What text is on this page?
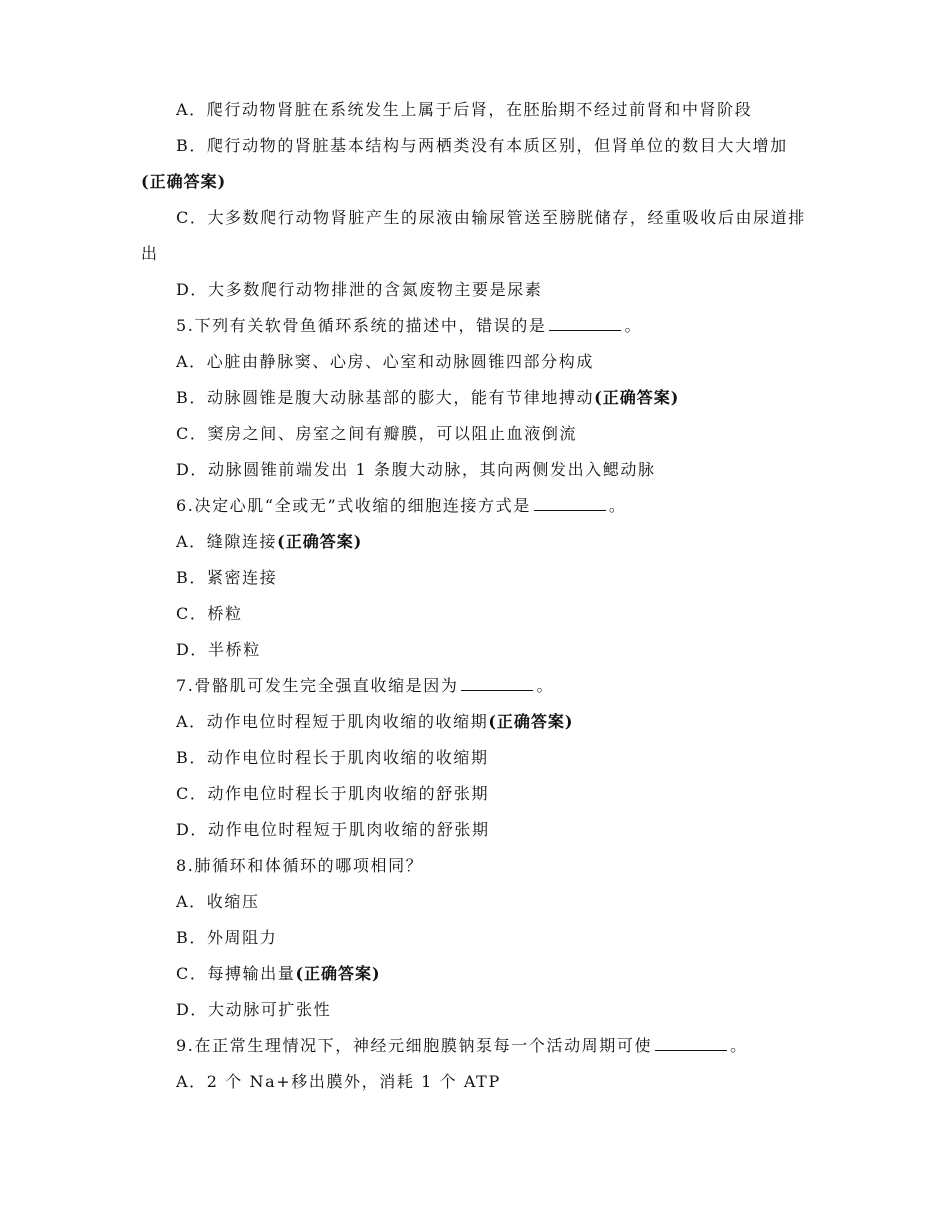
A．爬行动物肾脏在系统发生上属于后肾，在胚胎期不经过前肾和中肾阶段
B．爬行动物的肾脏基本结构与两栖类没有本质区别，但肾单位的数目大大增加(正确答案)
C．大多数爬行动物肾脏产生的尿液由输尿管送至膀胱储存，经重吸收后由尿道排出
D．大多数爬行动物排泄的含氮废物主要是尿素
5.下列有关软骨鱼循环系统的描述中，错误的是	。
A．心脏由静脉窦、心房、心室和动脉圆锥四部分构成
B．动脉圆锥是腹大动脉基部的膨大，能有节律地搏动(正确答案)
C．窦房之间、房室之间有瓣膜，可以阻止血液倒流
D．动脉圆锥前端发出 1 条腹大动脉，其向两侧发出入鳃动脉
6.决定心肌“全或无”式收缩的细胞连接方式是	。
A．缝隙连接(正确答案)
B．紧密连接
C．桥粒
D．半桥粒
7.骨骼肌可发生完全强直收缩是因为	。
A．动作电位时程短于肌肉收缩的收缩期(正确答案)
B．动作电位时程长于肌肉收缩的收缩期
C．动作电位时程长于肌肉收缩的舒张期
D．动作电位时程短于肌肉收缩的舒张期
8.肺循环和体循环的哪项相同？
A．收缩压
B．外周阻力
C．每搏输出量(正确答案)
D．大动脉可扩张性
9.在正常生理情况下，神经元细胞膜钠泵每一个活动周期可使	。
A．2 个 Na+移出膜外，消耗 1 个 ATP
